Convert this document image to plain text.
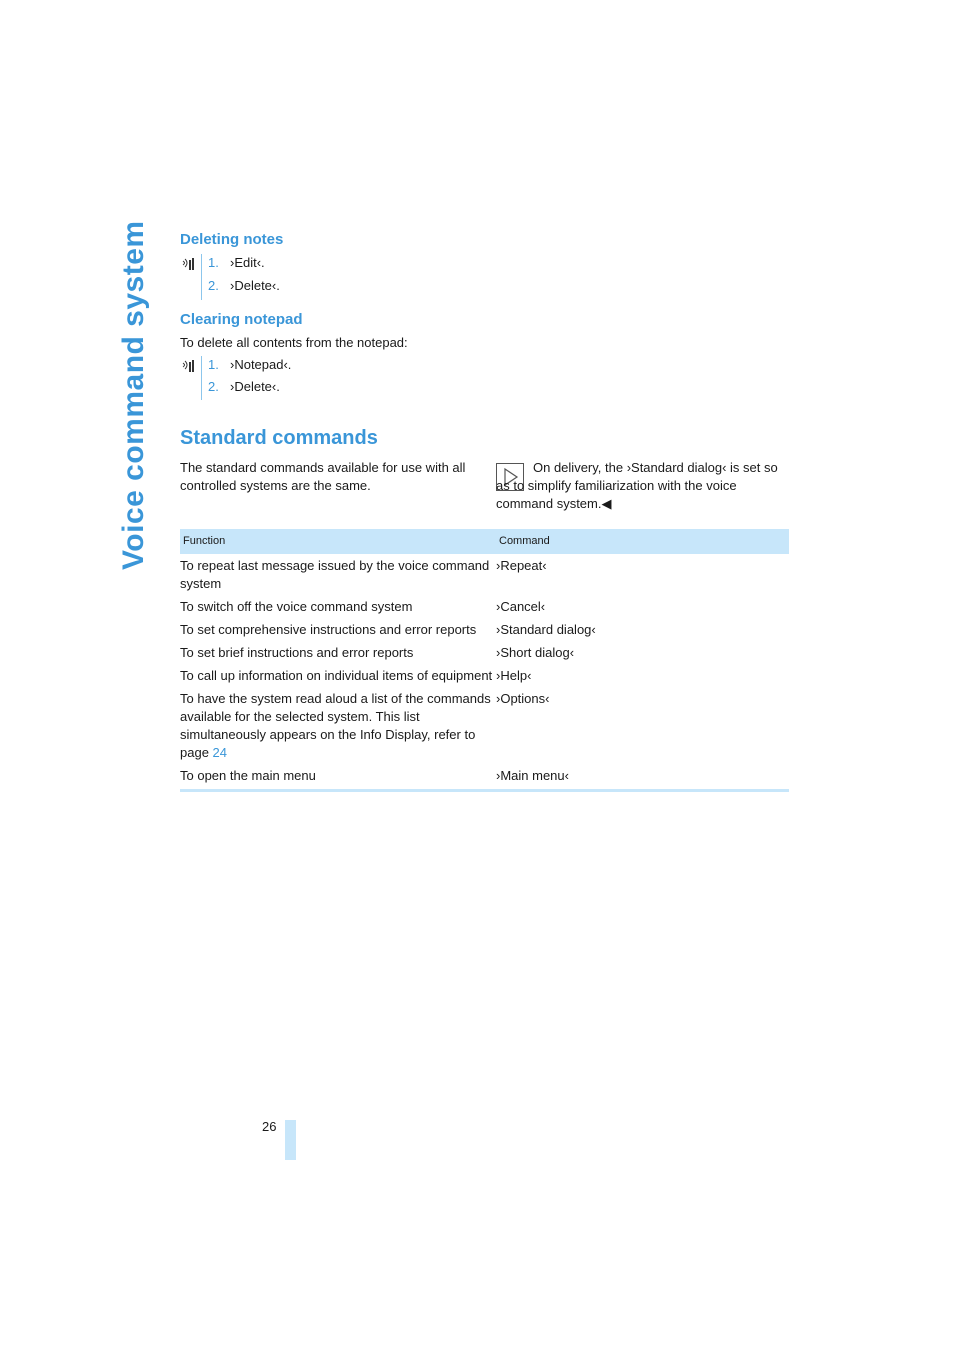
Voice command system Deleting notes
1. ›Edit‹.
2. ›Delete‹.
Clearing notepad

To delete all contents from the notepad:

1. ›Notepad‹.
2. ›Delete‹.
Standard commands

The standard commands available for use with all controlled systems are the same.

On delivery, the ›Standard dialog‹ is set so as to simplify familiarization with the voice command system.◀

Function	Command
To repeat last message issued by the voice command system	›Repeat‹
To switch off the voice command system	›Cancel‹
To set comprehensive instructions and error reports	›Standard dialog‹
To set brief instructions and error reports	›Short dialog‹
To call up information on individual items of equipment	›Help‹
To have the system read aloud a list of the commands available for the selected system. This list simultaneously appears on the Info Display, refer to page 24	›Options‹
To open the main menu	›Main menu‹
26
